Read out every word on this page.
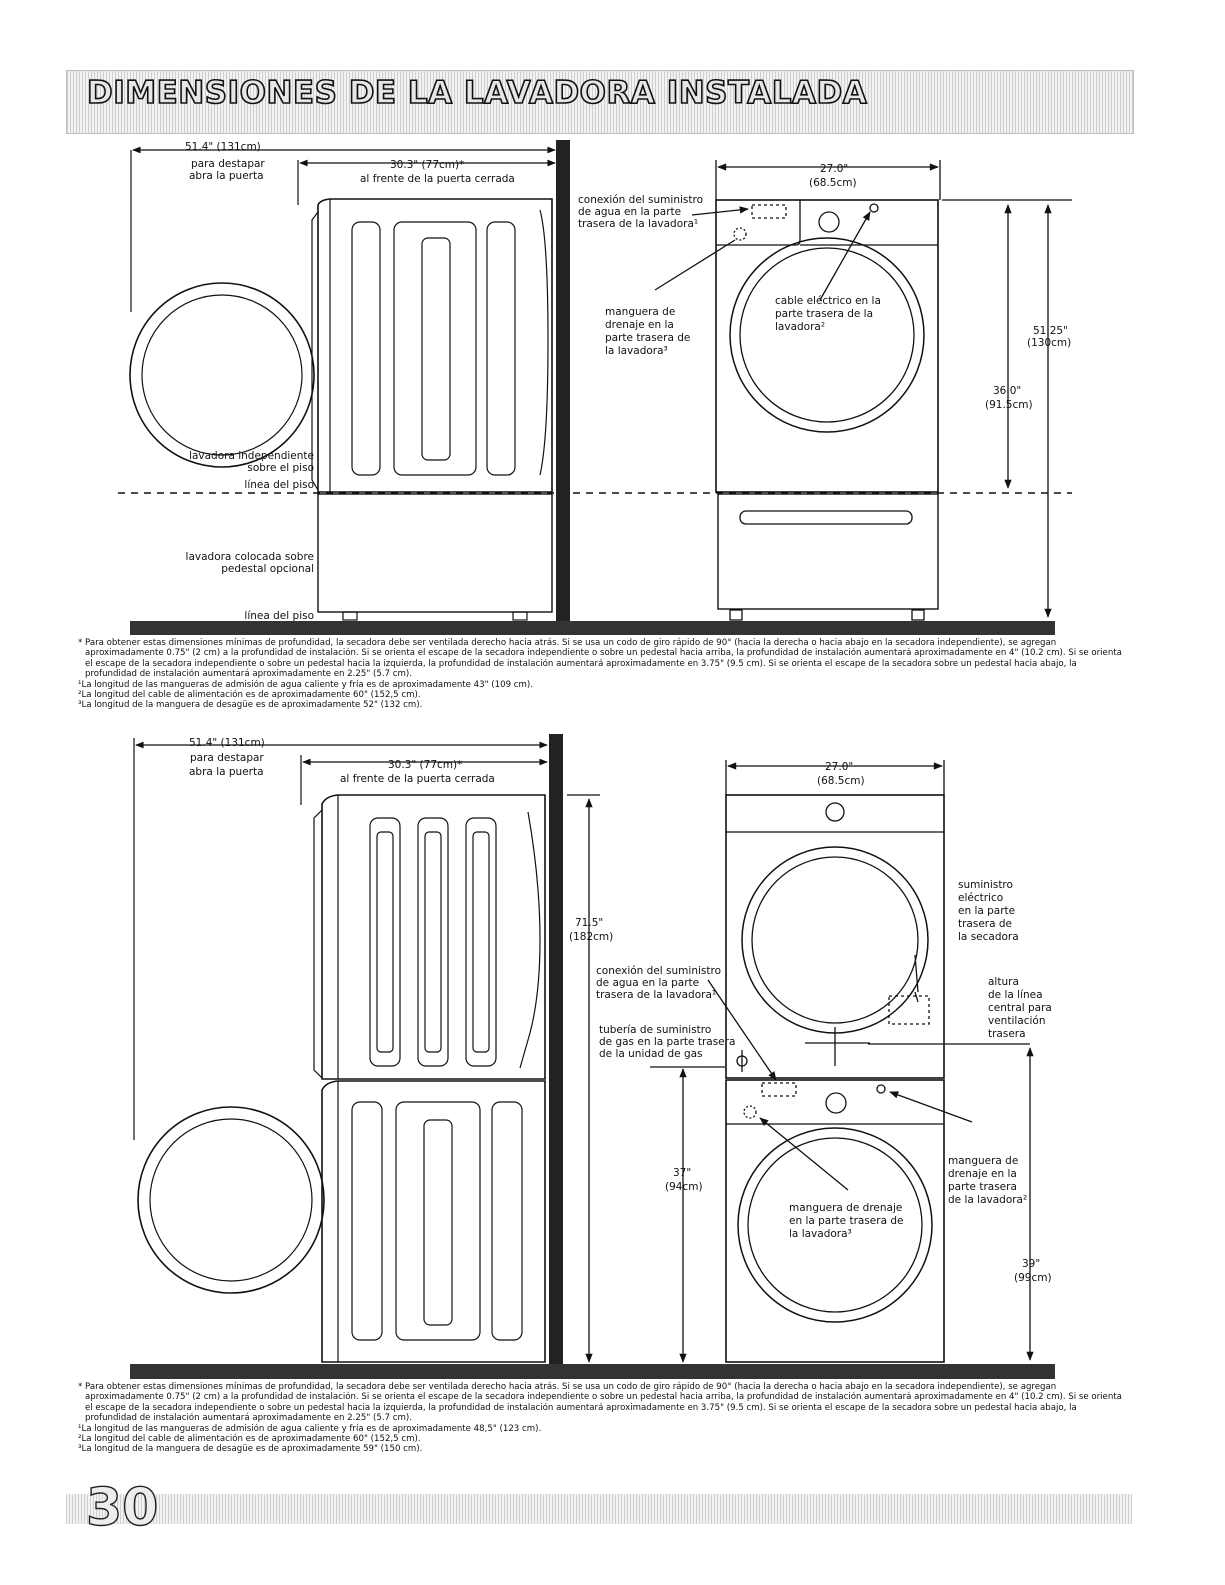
DIMENSIONES DE LA LAVADORA INSTALADA
51.4" (131cm)
para destapar
abra la puerta
30.3" (77cm)*
al frente de la puerta cerrada
lavadora independiente
sobre el piso
línea del piso
lavadora colocada sobre
pedestal opcional
línea del piso
27.0"
(68.5cm)
conexión del suministro
de agua en la parte
trasera de la lavadora¹
manguera de
drenaje en la
parte trasera de
la lavadora³
cable eléctrico en la
parte trasera de la
lavadora²
36.0"
(91.5cm)
51.25"
(130cm)

* Para obtener estas dimensiones mínimas de profundidad, la secadora debe ser ventilada derecho hacia atrás. Si se usa un codo de giro rápido de 90° (hacia la derecha o hacia abajo en la secadora independiente), se agregan aproximadamente 0.75" (2 cm) a la profundidad de instalación. Si se orienta el escape de la secadora independiente o sobre un pedestal hacia arriba, la profundidad de instalación aumentará aproximadamente en 4" (10.2 cm). Si se orienta el escape de la secadora independiente o sobre un pedestal hacia la izquierda, la profundidad de instalación aumentará aproximadamente en 3.75" (9.5 cm). Si se orienta el escape de la secadora sobre un pedestal hacia abajo, la profundidad de instalación aumentará aproximadamente en 2.25" (5.7 cm).

¹La longitud de las mangueras de admisión de agua caliente y fría es de aproximadamente 43" (109 cm).

²La longitud del cable de alimentación es de aproximadamente 60" (152,5 cm).

³La longitud de la manguera de desagüe es de aproximadamente 52" (132 cm).

51.4" (131cm)
para destapar
abra la puerta
30.3" (77cm)*
al frente de la puerta cerrada
71.5"
(182cm)
37"
(94cm)
27.0"
(68.5cm)
suministro
eléctrico
en la parte
trasera de
la secadora
altura
de la línea
central para
ventilación
trasera
conexión del suministro
de agua en la parte
trasera de la lavadora¹
tubería de suministro
de gas en la parte trasera
de la unidad de gas
manguera de
drenaje en la
parte trasera
de la lavadora²
manguera de drenaje
en la parte trasera de
la lavadora³
39"
(99cm)

* Para obtener estas dimensiones mínimas de profundidad, la secadora debe ser ventilada derecho hacia atrás. Si se usa un codo de giro rápido de 90° (hacia la derecha o hacia abajo en la secadora independiente), se agregan aproximadamente 0.75" (2 cm) a la profundidad de instalación. Si se orienta el escape de la secadora independiente o sobre un pedestal hacia arriba, la profundidad de instalación aumentará aproximadamente en 4" (10.2 cm). Si se orienta el escape de la secadora independiente o sobre un pedestal hacia la izquierda, la profundidad de instalación aumentará aproximadamente en 3.75" (9.5 cm). Si se orienta el escape de la secadora sobre un pedestal hacia abajo, la profundidad de instalación aumentará aproximadamente en 2.25" (5.7 cm).

¹La longitud de las mangueras de admisión de agua caliente y fría es de aproximadamente 48,5" (123 cm).

²La longitud del cable de alimentación es de aproximadamente 60" (152,5 cm).

³La longitud de la manguera de desagüe es de aproximadamente 59" (150 cm).

30
